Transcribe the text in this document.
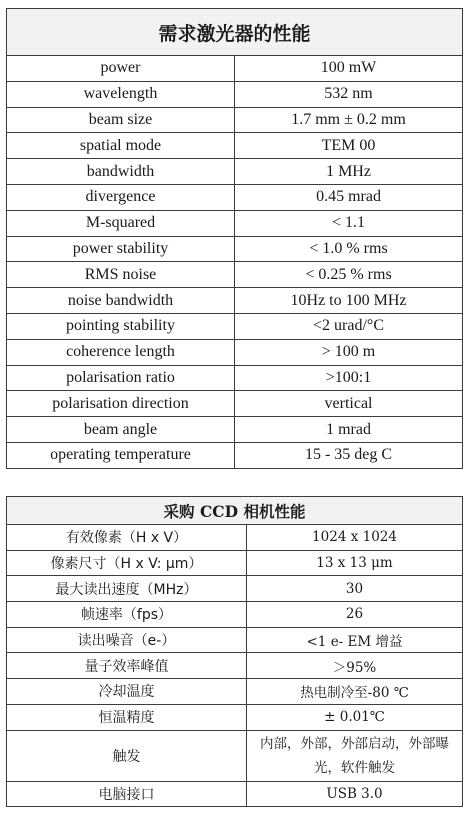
需求激光器的性能	
power	100 mW
wavelength	532 nm
beam size	1.7 mm ± 0.2 mm
spatial mode	TEM 00
bandwidth	1 MHz
divergence	0.45 mrad
M-squared	< 1.1
power stability	< 1.0 % rms
RMS noise	< 0.25 % rms
noise bandwidth	10Hz to 100 MHz
pointing stability	<2 urad/°C
coherence length	> 100 m
polarisation ratio	>100:1
polarisation direction	vertical
beam angle	1 mrad
operating temperature	15 - 35 deg C
采购 CCD 相机性能	
有效像素（H x V）	1024 x 1024
像素尺寸（H x V: μm）	13 x 13 μm
最大读出速度（MHz）	30
帧速率（fps）	26
读出噪音（e-）	<1 e- EM 增益
量子效率峰值	＞95%
冷却温度	热电制冷至-80 ℃
恒温精度	± 0.01℃
触发	内部，外部，外部启动，外部曝光，软件触发
电脑接口	USB 3.0
